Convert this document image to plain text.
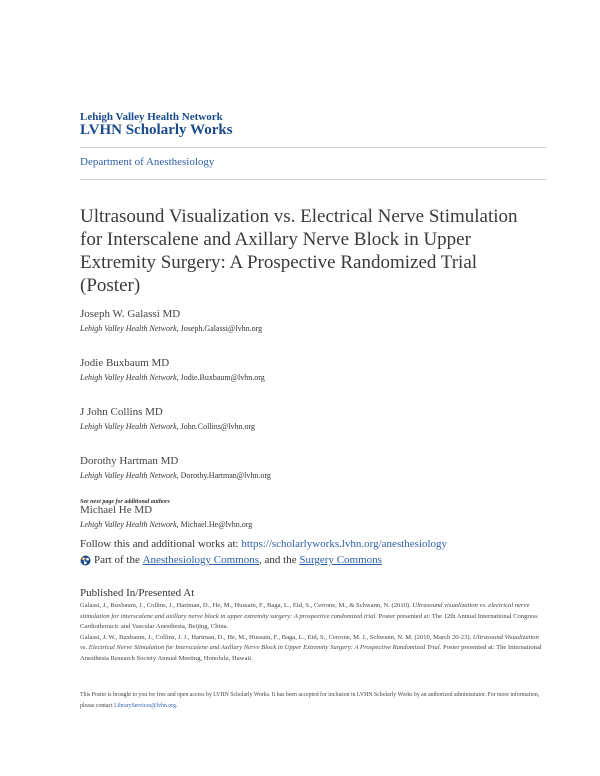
Lehigh Valley Health Network
LVHN Scholarly Works
Department of Anesthesiology
Ultrasound Visualization vs. Electrical Nerve Stimulation for Interscalene and Axillary Nerve Block in Upper Extremity Surgery: A Prospective Randomized Trial (Poster)
Joseph W. Galassi MD
Lehigh Valley Health Network, Joseph.Galassi@lvhn.org
Jodie Buxbaum MD
Lehigh Valley Health Network, Jodie.Buxbaum@lvhn.org
J John Collins MD
Lehigh Valley Health Network, John.Collins@lvhn.org
Dorothy Hartman MD
Lehigh Valley Health Network, Dorothy.Hartman@lvhn.org
Michael He MD
Lehigh Valley Health Network, Michael.He@lvhn.org
See next page for additional authors
Follow this and additional works at: https://scholarlyworks.lvhn.org/anesthesiology
Part of the
Anesthesiology Commons , and the
Surgery Commons
Published In/Presented At
Galassi, J., Buxbaum, J., Collins, J., Hartman, D., He, M., Hussain, F., Baga, L., Eid, S., Cerrone, M., & Schwann, N. (2010). Ultrasound visualization vs. electrical nerve stimulation for interscalene and axillary nerve block in upper extremity surgery: A prospective randomized trial. Poster presented at: The 12th Annual International Congress Cardiothoracic and Vascular Anesthesia, Beijing, China.
Galassi, J. W., Buxbaum, J., Collins, J. J., Hartman, D., He, M., Hussain, F., Baga, L., Eid, S., Cerrone, M. J., Schwann, N. M. (2010, March 20-23). Ultrasound Visualization vs. Electrical Nerve Stimulation for Interscalene and Axillary Nerve Block in Upper Extremity Surgery: A Prospective Randomized Trial. Poster presented at: The International Anesthesia Research Society Annual Meeting, Honolulu, Hawaii.
This Poster is brought to you for free and open access by LVHN Scholarly Works. It has been accepted for inclusion in LVHN Scholarly Works by an authorized administrator. For more information, please contact LibraryServices@lvhn.org.
